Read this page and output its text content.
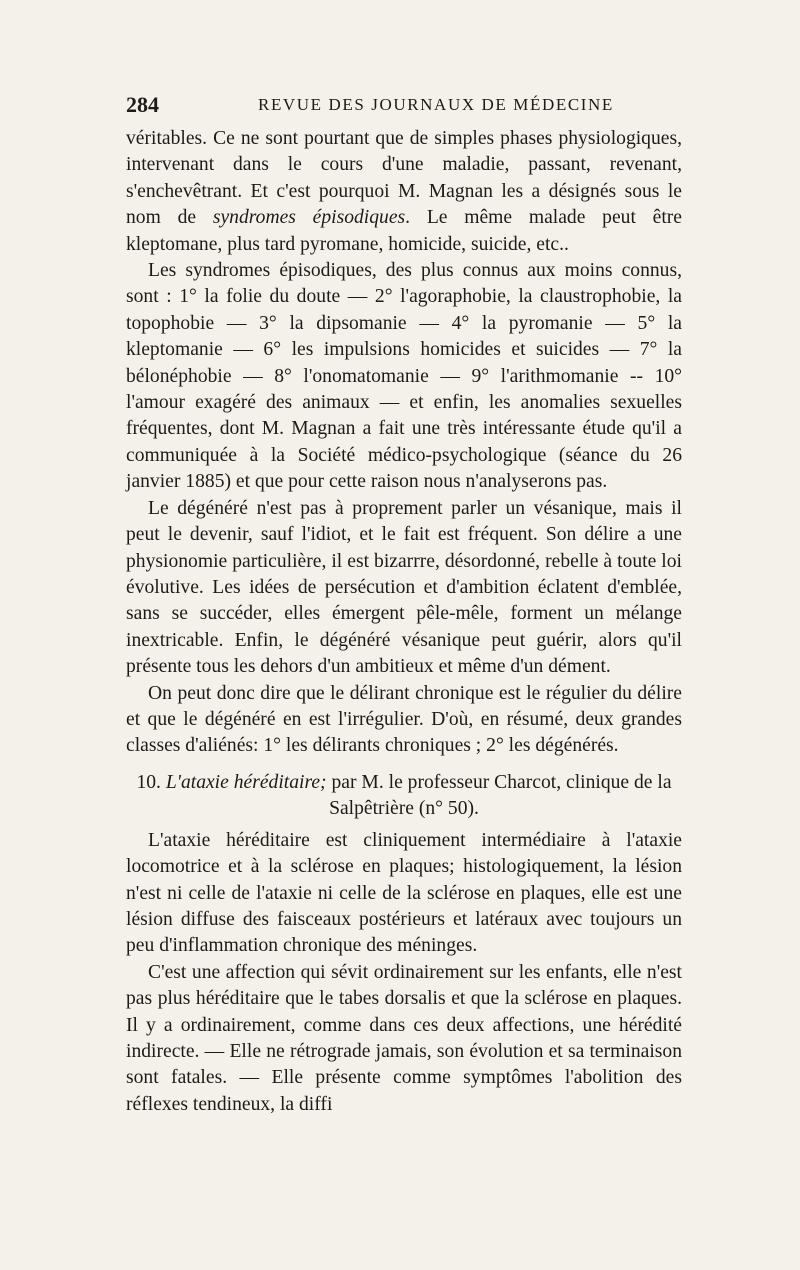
284	REVUE DES JOURNAUX DE MÉDECINE

véritables. Ce ne sont pourtant que de simples phases physiologiques, intervenant dans le cours d'une maladie, passant, revenant, s'enchevêtrant. Et c'est pourquoi M. Magnan les a désignés sous le nom de syndromes épisodiques. Le même malade peut être kleptomane, plus tard pyromane, homicide, suicide, etc..

Les syndromes épisodiques, des plus connus aux moins connus, sont : 1° la folie du doute — 2° l'agoraphobie, la claustrophobie, la topophobie — 3° la dipsomanie — 4° la pyromanie — 5° la kleptomanie — 6° les impulsions homicides et suicides — 7° la bélonéphobie — 8° l'onomatomanie — 9° l'arithmomanie -- 10° l'amour exagéré des animaux — et enfin, les anomalies sexuelles fréquentes, dont M. Magnan a fait une très intéressante étude qu'il a communiquée à la Société médico-psychologique (séance du 26 janvier 1885) et que pour cette raison nous n'analyserons pas.

Le dégénéré n'est pas à proprement parler un vésanique, mais il peut le devenir, sauf l'idiot, et le fait est fréquent. Son délire a une physionomie particulière, il est bizarrre, désordonné, rebelle à toute loi évolutive. Les idées de persécution et d'ambition éclatent d'emblée, sans se succéder, elles émergent pêle-mêle, forment un mélange inextricable. Enfin, le dégénéré vésanique peut guérir, alors qu'il présente tous les dehors d'un ambitieux et même d'un dément.

On peut donc dire que le délirant chronique est le régulier du délire et que le dégénéré en est l'irrégulier. D'où, en résumé, deux grandes classes d'aliénés: 1° les délirants chroniques ; 2° les dégénérés.

10. L'ataxie héréditaire; par M. le professeur Charcot, clinique de la Salpêtrière (n° 50).

L'ataxie héréditaire est cliniquement intermédiaire à l'ataxie locomotrice et à la sclérose en plaques; histologiquement, la lésion n'est ni celle de l'ataxie ni celle de la sclérose en plaques, elle est une lésion diffuse des faisceaux postérieurs et latéraux avec toujours un peu d'inflammation chronique des méninges.

C'est une affection qui sévit ordinairement sur les enfants, elle n'est pas plus héréditaire que le tabes dorsalis et que la sclérose en plaques. Il y a ordinairement, comme dans ces deux affections, une hérédité indirecte. — Elle ne rétrograde jamais, son évolution et sa terminaison sont fatales. — Elle présente comme symptômes l'abolition des réflexes tendineux, la diffi
